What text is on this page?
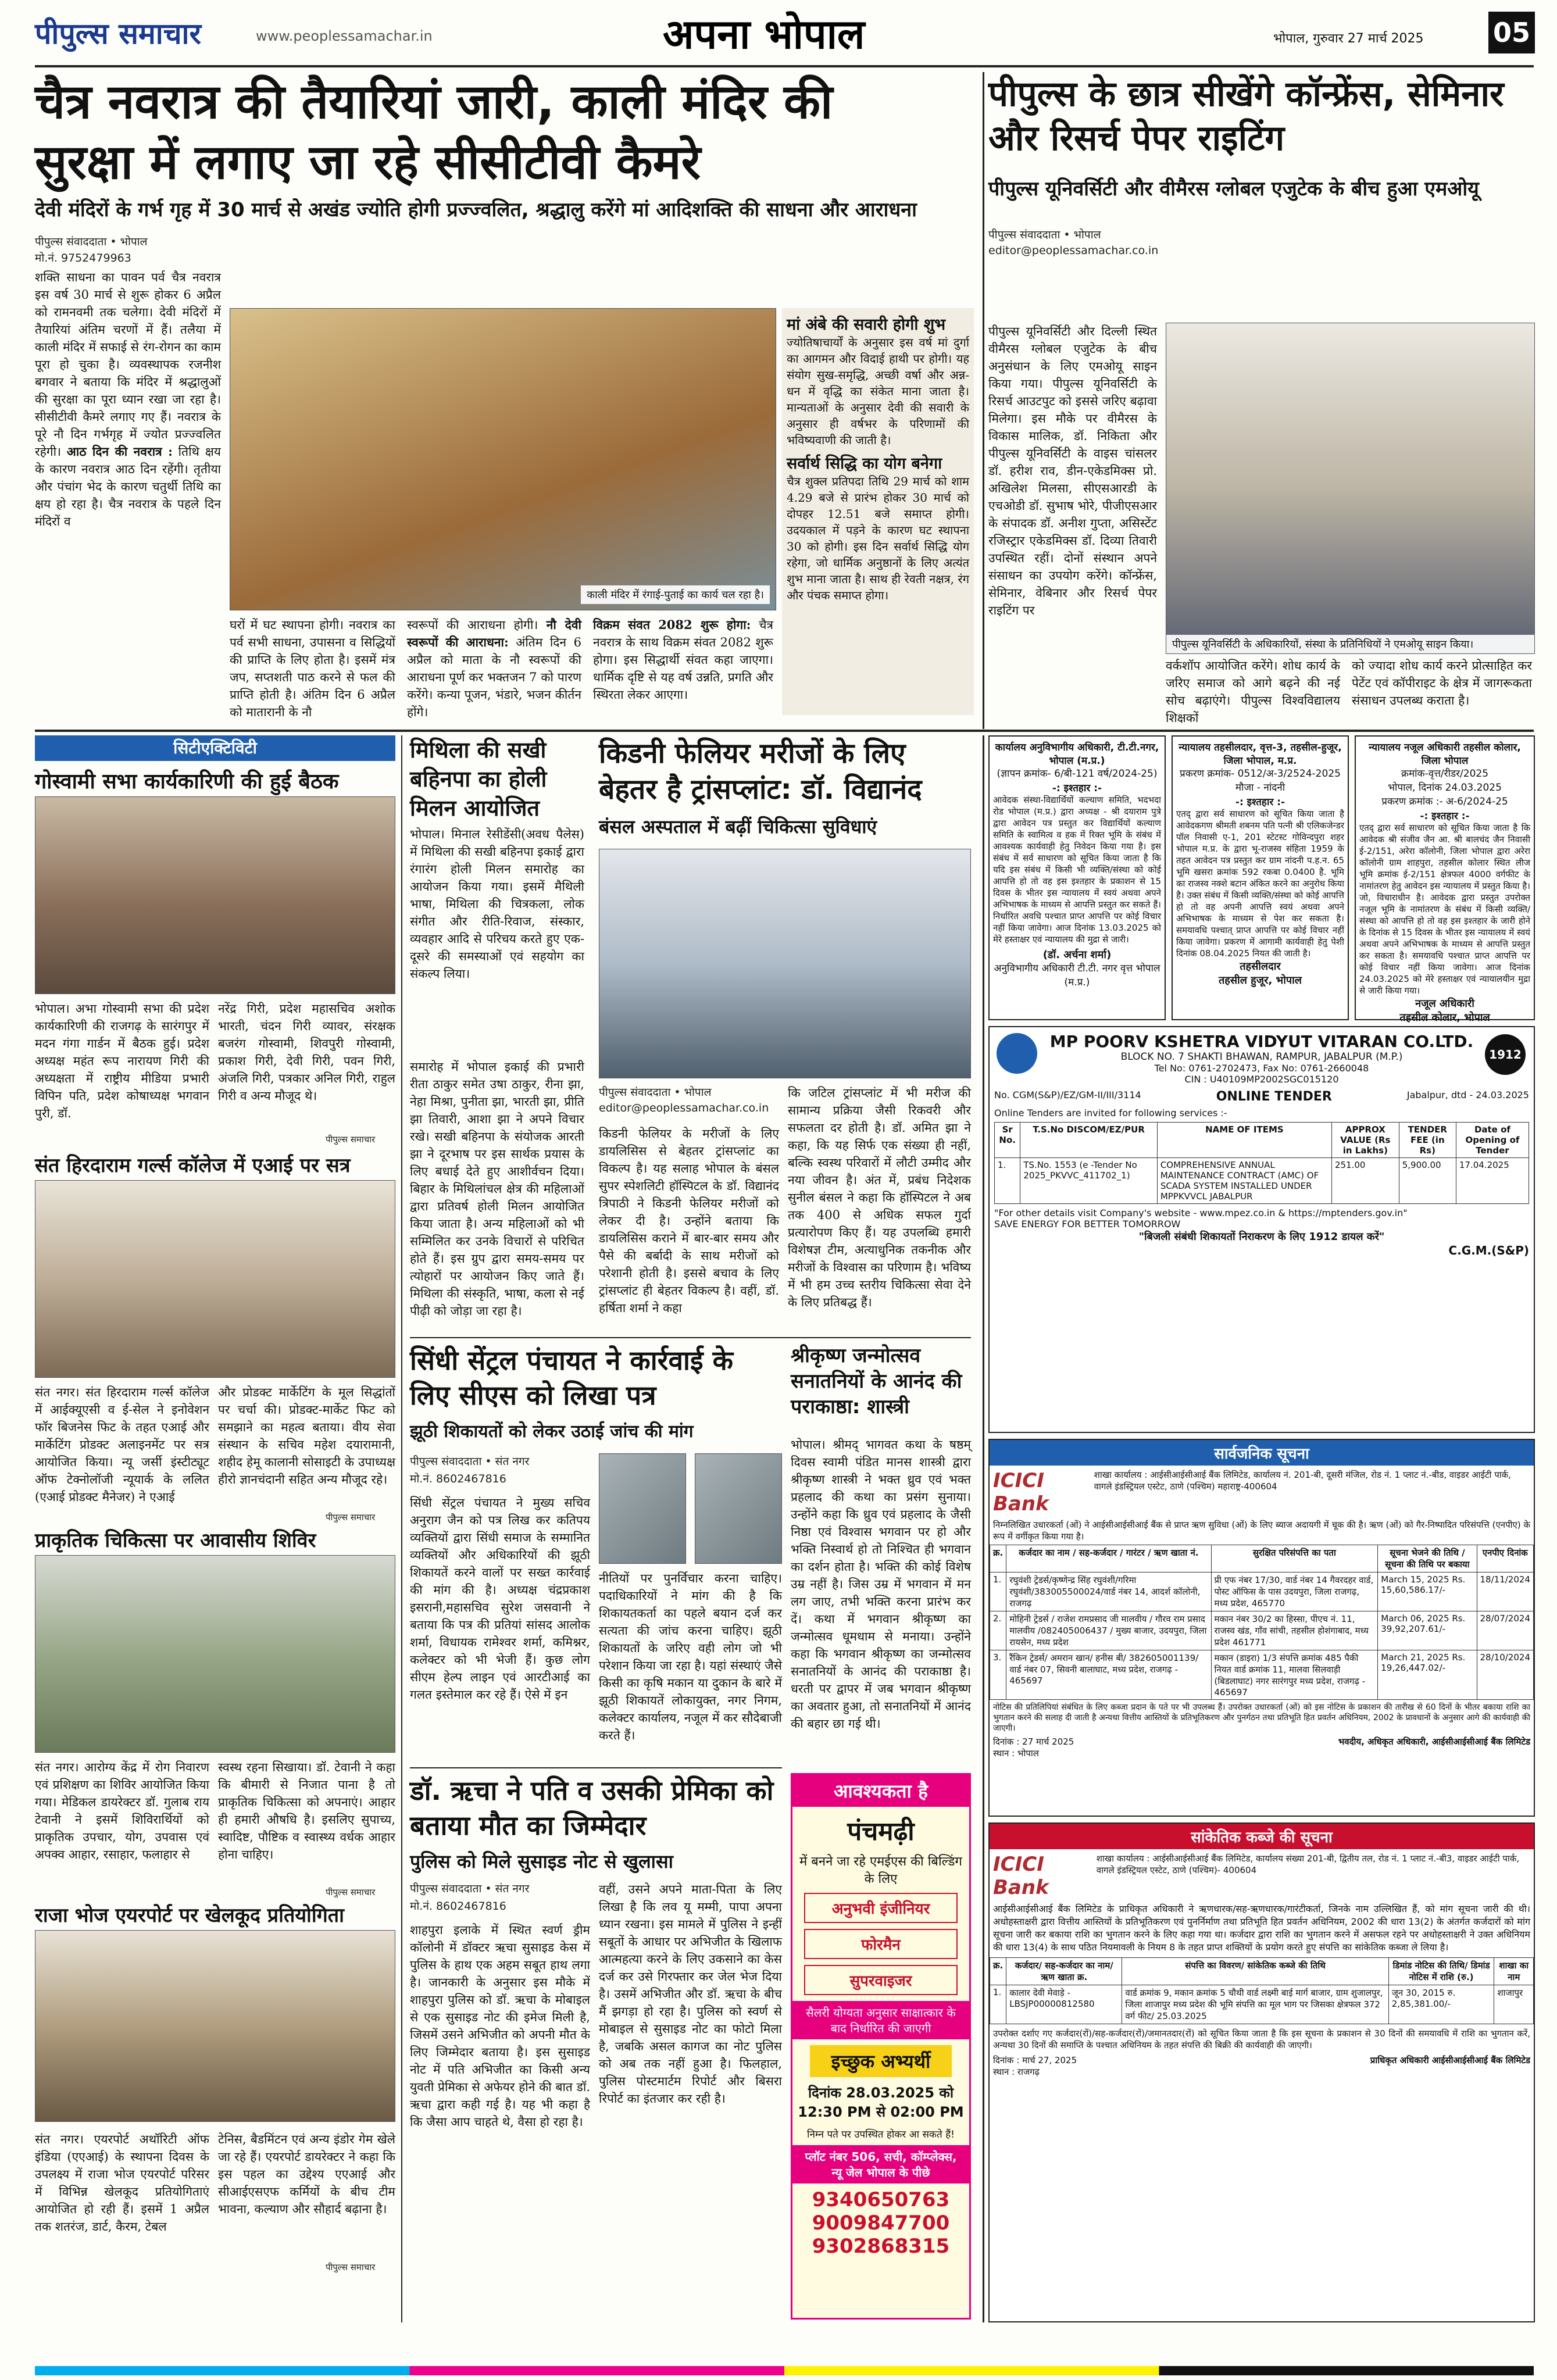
पीपुल्स समाचार	www.peoplessamachar.in	अपना भोपाल	भोपाल, गुरुवार 27 मार्च 2025	05
चैत्र नवरात्र की तैयारियां जारी, काली मंदिर की सुरक्षा में लगाए जा रहे सीसीटीवी कैमरे
देवी मंदिरों के गर्भ गृह में 30 मार्च से अखंड ज्योति होगी प्रज्ज्वलित, श्रद्धालु करेंगे मां आदिशक्ति की साधना और आराधना
पीपुल्स संवाददाता • भोपाल
मो.नं. 9752479963
शक्ति साधना का पावन पर्व चैत्र नवरात्र इस वर्ष 30 मार्च से शुरू होकर 6 अप्रैल को रामनवमी तक चलेगा। देवी मंदिरों में तैयारियां अंतिम चरणों में हैं। तलैया में काली मंदिर में सफाई से रंग-रोगन का काम पूरा हो चुका है। व्यवस्थापक रजनीश बगवार ने बताया कि मंदिर में श्रद्धालुओं की सुरक्षा का पूरा ध्यान रखा जा रहा है। सीसीटीवी कैमरे लगाए गए हैं। नवरात्र के पूरे नौ दिन गर्भगृह में ज्योत प्रज्ज्वलित रहेगी। आठ दिन की नवरात्र : तिथि क्षय के कारण नवरात्र आठ दिन रहेंगी। तृतीया और पंचांग भेद के कारण चतुर्थी तिथि का क्षय हो रहा है। चैत्र नवरात्र के पहले दिन मंदिरों व
काली मंदिर में रंगाई-पुताई का कार्य चल रहा है।
घरों में घट स्थापना होगी। नवरात्र का पर्व सभी साधना, उपासना व सिद्धियों की प्राप्ति के लिए होता है। इसमें मंत्र जप, सप्तशती पाठ करने से फल की प्राप्ति होती है। अंतिम दिन 6 अप्रैल को मातारानी के नौ
स्वरूपों की आराधना होगी। नौ देवी स्वरूपों की आराधना: अंतिम दिन 6 अप्रैल को माता के नौ स्वरूपों की आराधना पूर्ण कर भक्तजन 7 को पारण करेंगे। कन्या पूजन, भंडारे, भजन कीर्तन होंगे।
विक्रम संवत 2082 शुरू होगा: चैत्र नवरात्र के साथ विक्रम संवत 2082 शुरू होगा। इस सिद्धार्थी संवत कहा जाएगा। धार्मिक दृष्टि से यह वर्ष उन्नति, प्रगति और स्थिरता लेकर आएगा।
मां अंबे की सवारी होगी शुभ
ज्योतिषाचार्यों के अनुसार इस वर्ष मां दुर्गा का आगमन और विदाई हाथी पर होगी। यह संयोग सुख-समृद्धि, अच्छी वर्षा और अन्न-धन में वृद्धि का संकेत माना जाता है। मान्यताओं के अनुसार देवी की सवारी के अनुसार ही वर्षभर के परिणामों की भविष्यवाणी की जाती है।
सर्वार्थ सिद्धि का योग बनेगा
चैत्र शुक्ल प्रतिपदा तिथि 29 मार्च को शाम 4.29 बजे से प्रारंभ होकर 30 मार्च को दोपहर 12.51 बजे समाप्त होगी। उदयकाल में पड़ने के कारण घट स्थापना 30 को होगी। इस दिन सर्वार्थ सिद्धि योग रहेगा, जो धार्मिक अनुष्ठानों के लिए अत्यंत शुभ माना जाता है। साथ ही रेवती नक्षत्र, रंग और पंचक समाप्त होगा।
पीपुल्स के छात्र सीखेंगे कॉन्फ्रेंस, सेमिनार और रिसर्च पेपर राइटिंग
पीपुल्स यूनिवर्सिटी और वीमैरस ग्लोबल एजुटेक के बीच हुआ एमओयू
पीपुल्स संवाददाता • भोपाल
editor@peoplessamachar.co.in
पीपुल्स यूनिवर्सिटी और दिल्ली स्थित वीमैरस ग्लोबल एजुटेक के बीच अनुसंधान के लिए एमओयू साइन किया गया। पीपुल्स यूनिवर्सिटी के रिसर्च आउटपुट को इससे जरिए बढ़ावा मिलेगा। इस मौके पर वीमैरस के विकास मालिक, डॉ. निकिता और पीपुल्स यूनिवर्सिटी के वाइस चांसलर डॉ. हरीश राव, डीन-एकेडमिक्स प्रो. अखिलेश मिलसा, सीएसआरडी के एचओडी डॉ. सुभाष भोरे, पीजीएसआर के संपादक डॉ. अनीश गुप्ता, असिस्टेंट रजिस्ट्रार एकेडमिक्स डॉ. दिव्या तिवारी उपस्थित रहीं। दोनों संस्थान अपने संसाधन का उपयोग करेंगे। कॉन्फ्रेंस, सेमिनार, वेबिनार और रिसर्च पेपर राइटिंग पर
पीपुल्स यूनिवर्सिटी के अधिकारियों, संस्था के प्रतिनिधियों ने एमओयू साइन किया।
वर्कशॉप आयोजित करेंगे। शोध कार्य के जरिए समाज को आगे बढ़ने की नई सोच बढ़ाएंगे। पीपुल्स विश्वविद्यालय शिक्षकों
को ज्यादा शोध कार्य करने प्रोत्साहित कर पेटेंट एवं कॉपीराइट के क्षेत्र में जागरूकता संसाधन उपलब्ध कराता है।
सिटीएक्टिविटी
गोस्वामी सभा कार्यकारिणी की हुई बैठक
भोपाल। अभा गोस्वामी सभा की प्रदेश कार्यकारिणी की राजगढ़ के सारंगपुर में मदन गंगा गार्डन में बैठक हुई। प्रदेश अध्यक्ष महंत रूप नारायण गिरी की अध्यक्षता में राष्ट्रीय मीडिया प्रभारी विपिन पति, प्रदेश कोषाध्यक्ष भगवान पुरी, डॉ.
नरेंद्र गिरी, प्रदेश महासचिव अशोक भारती, चंदन गिरी व्यावर, संरक्षक बजरंग गोस्वामी, शिवपुरी गोस्वामी, प्रकाश गिरी, देवी गिरी, पवन गिरी, अंजलि गिरी, पत्रकार अनिल गिरी, राहुल गिरी व अन्य मौजूद थे।
पीपुल्स समाचार
संत हिरदाराम गर्ल्स कॉलेज में एआई पर सत्र
संत नगर। संत हिरदाराम गर्ल्स कॉलेज में आईक्यूएसी व ई-सेल ने इनोवेशन फॉर बिजनेस फिट के तहत एआई और मार्केटिंग प्रोडक्ट अलाइनमेंट पर सत्र आयोजित किया। न्यू जर्सी इंस्टीट्यूट ऑफ टेक्नोलॉजी न्यूयार्क के ललित (एआई प्रोडक्ट मैनेजर) ने एआई
और प्रोडक्ट मार्केटिंग के मूल सिद्धांतों पर चर्चा की। प्रोडक्ट-मार्केट फिट को समझाने का महत्व बताया। वीय सेवा संस्थान के सचिव महेश दयारामानी, शहीद हेमू कालानी सोसाइटी के उपाध्यक्ष हीरो ज्ञानचंदानी सहित अन्य मौजूद रहे।
पीपुल्स समाचार
प्राकृतिक चिकित्सा पर आवासीय शिविर
संत नगर। आरोग्य केंद्र में रोग निवारण एवं प्रशिक्षण का शिविर आयोजित किया गया। मेडिकल डायरेक्टर डॉ. गुलाब राय टेवानी ने इसमें शिविरार्थियों को प्राकृतिक उपचार, योग, उपवास एवं अपक्व आहार, रसाहार, फलाहार से
स्वस्थ रहना सिखाया। डॉ. टेवानी ने कहा कि बीमारी से निजात पाना है तो प्राकृतिक चिकित्सा को अपनाएं। आहार ही हमारी औषधि है। इसलिए सुपाच्य, स्वादिष्ट, पौष्टिक व स्वास्थ्य वर्धक आहार होना चाहिए।
पीपुल्स समाचार
राजा भोज एयरपोर्ट पर खेलकूद प्रतियोगिता
संत नगर। एयरपोर्ट अथॉरिटी ऑफ इंडिया (एएआई) के स्थापना दिवस के उपलक्ष्य में राजा भोज एयरपोर्ट परिसर में विभिन्न खेलकूद प्रतियोगिताएं आयोजित हो रही हैं। इसमें 1 अप्रैल तक शतरंज, डार्ट, कैरम, टेबल
टेनिस, बैडमिंटन एवं अन्य इंडोर गेम खेले जा रहे हैं। एयरपोर्ट डायरेक्टर ने कहा कि इस पहल का उद्देश्य एएआई और सीआईएसएफ कर्मियों के बीच टीम भावना, कल्याण और सौहार्द बढ़ाना है।
पीपुल्स समाचार
मिथिला की सखी बहिनपा का होली मिलन आयोजित
भोपाल। मिनाल रेसीडेंसी(अवध पैलेस) में मिथिला की सखी बहिनपा इकाई द्वारा रंगारंग होली मिलन समारोह का आयोजन किया गया। इसमें मैथिली भाषा, मिथिला की चित्रकला, लोक संगीत और रीति-रिवाज, संस्कार, व्यवहार आदि से परिचय करते हुए एक-दूसरे की समस्याओं एवं सहयोग का संकल्प लिया।
समारोह में भोपाल इकाई की प्रभारी रीता ठाकुर समेत उषा ठाकुर, रीना झा, नेहा मिश्रा, पुनीता झा, भारती झा, प्रीति झा तिवारी, आशा झा ने अपने विचार रखे। सखी बहिनपा के संयोजक आरती झा ने दूरभाष पर इस सार्थक प्रयास के लिए बधाई देते हुए आशीर्वचन दिया। बिहार के मिथिलांचल क्षेत्र की महिलाओं द्वारा प्रतिवर्ष होली मिलन आयोजित किया जाता है। अन्य महिलाओं को भी सम्मिलित कर उनके विचारों से परिचित होते हैं। इस ग्रुप द्वारा समय-समय पर त्योहारों पर आयोजन किए जाते हैं। मिथिला की संस्कृति, भाषा, कला से नई पीढ़ी को जोड़ा जा रहा है।
किडनी फेलियर मरीजों के लिए बेहतर है ट्रांसप्लांट: डॉ. विद्यानंद
बंसल अस्पताल में बढ़ीं चिकित्सा सुविधाएं
पीपुल्स संवाददाता • भोपाल
editor@peoplessamachar.co.in
किडनी फेलियर के मरीजों के लिए डायलिसिस से बेहतर ट्रांसप्लांट का विकल्प है। यह सलाह भोपाल के बंसल सुपर स्पेशलिटी हॉस्पिटल के डॉ. विद्यानंद त्रिपाठी ने किडनी फेलियर मरीजों को लेकर दी है। उन्होंने बताया कि डायलिसिस कराने में बार-बार समय और पैसे की बर्बादी के साथ मरीजों को परेशानी होती है। इससे बचाव के लिए ट्रांसप्लांट ही बेहतर विकल्प है। वहीं, डॉ. हर्षिता शर्मा ने कहा
कि जटिल ट्रांसप्लांट में भी मरीज की सामान्य प्रक्रिया जैसी रिकवरी और सफलता दर होती है। डॉ. अमित झा ने कहा, कि यह सिर्फ एक संख्या ही नहीं, बल्कि स्वस्थ परिवारों में लौटी उम्मीद और नया जीवन है। अंत में, प्रबंध निदेशक सुनील बंसल ने कहा कि हॉस्पिटल ने अब तक 400 से अधिक सफल गुर्दा प्रत्यारोपण किए हैं। यह उपलब्धि हमारी विशेषज्ञ टीम, अत्याधुनिक तकनीक और मरीजों के विश्वास का परिणाम है। भविष्य में भी हम उच्च स्तरीय चिकित्सा सेवा देने के लिए प्रतिबद्ध हैं।
सिंधी सेंट्रल पंचायत ने कार्रवाई के लिए सीएस को लिखा पत्र
झूठी शिकायतों को लेकर उठाई जांच की मांग
पीपुल्स संवाददाता • संत नगर
मो.नं. 8602467816
सिंधी सेंट्रल पंचायत ने मुख्य सचिव अनुराग जैन को पत्र लिख कर कतिपय व्यक्तियों द्वारा सिंधी समाज के सम्मानित व्यक्तियों और अधिकारियों की झूठी शिकायतें करने वालों पर सख्त कार्रवाई की मांग की है। अध्यक्ष चंद्रप्रकाश इसरानी,महासचिव सुरेश जसवानी ने बताया कि पत्र की प्रतियां सांसद आलोक शर्मा, विधायक रामेश्वर शर्मा, कमिश्नर, कलेक्टर को भी भेजी हैं। कुछ लोग सीएम हेल्प लाइन एवं आरटीआई का गलत इस्तेमाल कर रहे हैं। ऐसे में इन
नीतियों पर पुनर्विचार करना चाहिए। पदाधिकारियों ने मांग की है कि शिकायतकर्ता का पहले बयान दर्ज कर सत्यता की जांच करना चाहिए। झूठी शिकायतों के जरिए वही लोग जो भी परेशान किया जा रहा है। यहां संस्थाएं जैसे किसी का कृषि मकान या दुकान के बारे में झूठी शिकायतें लोकायुक्त, नगर निगम, कलेक्टर कार्यालय, नजूल में कर सौदेबाजी करते हैं।
श्रीकृष्ण जन्मोत्सव सनातनियों के आनंद की पराकाष्ठा: शास्त्री
भोपाल। श्रीमद् भागवत कथा के षष्ठम् दिवस स्वामी पंडित मानस शास्त्री द्वारा श्रीकृष्ण शास्त्री ने भक्त ध्रुव एवं भक्त प्रहलाद की कथा का प्रसंग सुनाया। उन्होंने कहा कि ध्रुव एवं प्रहलाद के जैसी निष्ठा एवं विश्वास भगवान पर हो और भक्ति निस्वार्थ हो तो निश्चित ही भगवान का दर्शन होता है। भक्ति की कोई विशेष उम्र नहीं है। जिस उम्र में भगवान में मन लग जाए, तभी भक्ति करना प्रारंभ कर दें। कथा में भगवान श्रीकृष्ण का जन्मोत्सव धूमधाम से मनाया। उन्होंने कहा कि भगवान श्रीकृष्ण का जन्मोत्सव सनातनियों के आनंद की पराकाष्ठा है। धरती पर द्वापर में जब भगवान श्रीकृष्ण का अवतार हुआ, तो सनातनियों में आनंद की बहार छा गई थी।
डॉ. ऋचा ने पति व उसकी प्रेमिका को बताया मौत का जिम्मेदार
पुलिस को मिले सुसाइड नोट से खुलासा
पीपुल्स संवाददाता • संत नगर
मो.नं. 8602467816
शाहपुरा इलाके में स्थित स्वर्ण ड्रीम कॉलोनी में डॉक्टर ऋचा सुसाइड केस में पुलिस के हाथ एक अहम सबूत हाथ लगा है। जानकारी के अनुसार इस मौके में शाहपुरा पुलिस को डॉ. ऋचा के मोबाइल से एक सुसाइड नोट की इमेज मिली है, जिसमें उसने अभिजीत को अपनी मौत के लिए जिम्मेदार बताया है। इस सुसाइड नोट में पति अभिजीत का किसी अन्य युवती प्रेमिका से अफेयर होने की बात डॉ. ऋचा द्वारा कही गई है। यह भी कहा है कि जैसा आप चाहते थे, वैसा हो रहा है।
वहीं, उसने अपने माता-पिता के लिए लिखा है कि लव यू मम्मी, पापा अपना ध्यान रखना। इस मामले में पुलिस ने इन्हीं सबूतों के आधार पर अभिजीत के खिलाफ आत्महत्या करने के लिए उकसाने का केस दर्ज कर उसे गिरफ्तार कर जेल भेज दिया है। उसमें अभिजीत और डॉ. ऋचा के बीच मैं झगड़ा हो रहा है। पुलिस को स्वर्ण से मोबाइल से सुसाइड नोट का फोटो मिला है, जबकि असल कागज का नोट पुलिस को अब तक नहीं हुआ है। फिलहाल, पुलिस पोस्टमार्टम रिपोर्ट और बिसरा रिपोर्ट का इंतजार कर रही है।
आवश्यकता है
पंचमढ़ी
में बनने जा रहे एमईएस की बिल्डिंग के लिए
अनुभवी इंजीनियर
फोरमैन
सुपरवाइजर
सैलरी योग्यता अनुसार साक्षात्कार के बाद निर्धारित की जाएगी
इच्छुक अभ्यर्थी
दिनांक 28.03.2025 को
12:30 PM से 02:00 PM
निम्न पते पर उपस्थित होकर आ सकते हैं!
प्लॉट नंबर 506, सची, कॉम्प्लेक्स, न्यू जेल भोपाल के पीछे
9340650763
9009847700
9302868315
कार्यालय अनुविभागीय अधिकारी, टी.टी.नगर, भोपाल (म.प्र.)
(ज्ञापन क्रमांक- 6/बी-121 वर्ष/2024-25)
-: इश्तहार :-
आवेदक संस्था-विद्यार्थियों कल्याण समिति, भदभदा रोड भोपाल (म.प्र.) द्वारा अध्यक्ष - श्री दयाराम पुत्रे द्वारा आवेदन पत्र प्रस्तुत कर विद्यार्थियों कल्याण समिति के स्वामित्व व हक में रिक्त भूमि के संबंध में आवश्यक कार्यवाही हेतु निवेदन किया गया है। इस संबंध में सर्व साधारण को सूचित किया जाता है कि यदि इस संबंध में किसी भी व्यक्ति/संस्था को कोई आपत्ति हो तो वह इस इश्तहार के प्रकाशन से 15 दिवस के भीतर इस न्यायालय में स्वयं अथवा अपने अभिभाषक के माध्यम से आपत्ति प्रस्तुत कर सकते हैं। निर्धारित अवधि पश्चात प्राप्त आपत्ति पर कोई विचार नहीं किया जावेगा। आज दिनांक 13.03.2025 को मेरे हस्ताक्षर एवं न्यायालय की मुद्रा से जारी।
(डॉ. अर्चना शर्मा)
अनुविभागीय अधिकारी टी.टी. नगर वृत्त भोपाल (म.प्र.)
न्यायालय तहसीलदार, वृत्त-3, तहसील-हुजूर, जिला भोपाल, म.प्र.
प्रकरण क्रमांक- 0512/अ-3/2524-2025
मौजा - नांदनी
-: इश्तहार :-
एतद् द्वारा सर्व साधारण को सूचित किया जाता है आवेदकगण श्रीमती शबनम पति पत्नी श्री एलिकजेन्डर पॉल निवासी ए-1, 201 स्टेटस्ट गोविन्दपुरा शहर भोपाल म.प्र. के द्वारा भू-राजस्व संहिता 1959 के तहत आवेदन पत्र प्रस्तुत कर ग्राम नांदनी प.ह.न. 65 भूमि खसरा क्रमांक 592 रकबा 0.0400 है. भूमि का राजस्व नक्शे बटान अंकित करने का अनुरोध किया है। उक्त संबंध में किसी व्यक्ति/संस्था को कोई आपत्ति हो तो वह अपनी आपत्ति स्वयं अथवा अपने अभिभाषक के माध्यम से पेश कर सकता है। समयावधि पश्चात् प्राप्त आपत्ति पर कोई विचार नहीं किया जावेगा। प्रकरण में आगामी कार्यवाही हेतु पेशी दिनांक 08.04.2025 नियत की जाती है।
तहसीलदार
तहसील हुजूर, भोपाल
न्यायालय नजूल अधिकारी तहसील कोलार, जिला भोपाल
क्रमांक-वृत्त/रीडर/2025
भोपाल, दिनांक 24.03.2025
प्रकरण क्रमांक :- अ-6/2024-25
-: इश्तहार :-
एतद् द्वारा सर्व साधारण को सूचित किया जाता है कि आवेदक श्री संजीव जैन आ. श्री बालचंद जैन निवासी ई-2/151, अरेरा कॉलोनी, जिला भोपाल द्वारा अरेरा कॉलोनी ग्राम शाहपुरा, तहसील कोलार स्थित लीज भूमि क्रमांक ई-2/151 क्षेत्रफल 4000 वर्गफीट के नामांतरण हेतु आवेदन इस न्यायालय में प्रस्तुत किया है। जो, विचाराधीन है। आवेदक द्वारा प्रस्तुत उपरोक्त नजूल भूमि के नामांतरण के संबंध में किसी व्यक्ति/संस्था को आपत्ति हो तो वह इस इश्तहार के जारी होने के दिनांक से 15 दिवस के भीतर इस न्यायालय में स्वयं अथवा अपने अभिभाषक के माध्यम से आपत्ति प्रस्तुत कर सकता है। समयावधि पश्चात प्राप्त आपत्ति पर कोई विचार नहीं किया जावेगा। आज दिनांक 24.03.2025 को मेरे हस्ताक्षर एवं न्यायालयीन मुद्रा से जारी किया गया।
नजूल अधिकारी
तहसील कोलार, भोपाल
MP POORV KSHETRA VIDYUT VITARAN CO.LTD.
BLOCK NO. 7 SHAKTI BHAWAN, RAMPUR, JABALPUR (M.P.)
Tel No: 0761-2702473, Fax No: 0761-2660048
CIN : U40109MP2002SGC015120
1912
No. CGM(S&P)/EZ/GM-II/III/3114	ONLINE TENDER	Jabalpur, dtd - 24.03.2025
Online Tenders are invited for following services :-
Sr No.	T.S.No DISCOM/EZ/PUR	NAME OF ITEMS	APPROX VALUE (Rs in Lakhs)	TENDER FEE (in Rs)	Date of Opening of Tender
1.	TS.No. 1553 (e -Tender No 2025_PKVVC_411702_1)	COMPREHENSIVE ANNUAL MAINTENANCE CONTRACT (AMC) OF SCADA SYSTEM INSTALLED UNDER MPPKVVCL JABALPUR	251.00	5,900.00	17.04.2025
"For other details visit Company's website - www.mpez.co.in & https://mptenders.gov.in"
SAVE ENERGY FOR BETTER TOMORROW
"बिजली संबंधी शिकायतों निराकरण के लिए 1912 डायल करें"
C.G.M.(S&P)
सार्वजनिक सूचना
ICICI Bank
शाखा कार्यालय : आईसीआईसीआई बैंक लिमिटेड, कार्यालय नं. 201-बी, दूसरी मंजिल, रोड नं. 1 प्लाट नं.-बीड, वाइडर आईटी पार्क, वागले इंडस्ट्रियल एस्टेट, ठाणे (पश्चिम) महाराष्ट्र-400604
निम्नलिखित उधारकर्ता (ओं) ने आईसीआईसीआई बैंक से प्राप्त ऋण सुविधा (ओं) के लिए ब्याज अदायगी में चूक की है। ऋण (ओं) को गैर-निष्पादित परिसंपत्ति (एनपीए) के रूप में वर्गीकृत किया गया है।
क्र.	कर्जदार का नाम / सह-कर्जदार / गारंटर / ऋण खाता नं.	सुरक्षित परिसंपत्ति का पता	सूचना भेजने की तिथि / सूचना की तिथि पर बकाया	एनपीए दिनांक
1.	रघुवंशी ट्रेडर्स/कृष्णेन्द्र सिंह रघुवंशी/गरिमा रघुवंशी/383005500024/वार्ड नंबर 14, आदर्श कॉलोनी, राजगढ़	प्री एफ नंबर 17/30, वार्ड नंबर 14 गैवरदहर वार्ड, पोस्ट ऑफिस के पास उदयपुरा, जिला राजगढ़, मध्य प्रदेश, 465770	March 15, 2025 Rs. 15,60,586.17/-	18/11/2024
2.	मोहिनी ट्रेडर्स / राजेश रामप्रसाद जी मालवीय / गौरव राम प्रसाद मालवीय /082405006437 / मुख्य बाजार, उदयपुरा, जिला रायसेन, मध्य प्रदेश	मकान नंबर 30/2 का हिस्सा, पीएच नं. 11, राजस्व खंड, गाँव सांची, तहसील होशंगाबाद, मध्य प्रदेश 461771	March 06, 2025 Rs. 39,92,207.61/-	28/07/2024
3.	रैंकिन ट्रेडर्स/ अमरान खान/ हनीस बी/ 382605001139/ वार्ड नंबर 07, सिवनी बालाघाट, मध्य प्रदेश, राजगढ़ - 465697	मकान (डाइरा) 1/3 संपत्ति क्रमांक 485 पैकी नियत वार्ड क्रमांक 11, मालवा सिलवाड़ी (बिडलाघाट) नगर सारंगपुर मध्य प्रदेश, राजगढ़ - 465697	March 21, 2025 Rs. 19,26,447.02/-	28/10/2024
नोटिस की प्रतिलिपियां संबंधित के लिए कब्जा प्रदान के पते पर भी उपलब्ध हैं। उपरोक्त उधारकर्ता (ओं) को इस नोटिस के प्रकाशन की तारीख से 60 दिनों के भीतर बकाया राशि का भुगतान करने की सलाह दी जाती है अन्यथा वित्तीय आस्तियों के प्रतिभूतिकरण और पुनर्गठन तथा प्रतिभूति हित प्रवर्तन अधिनियम, 2002 के प्रावधानों के अनुसार आगे की कार्यवाही की जाएगी।
दिनांक : 27 मार्च 2025
स्थान : भोपाल
भवदीय, अधिकृत अधिकारी, आईसीआईसीआई बैंक लिमिटेड
सांकेतिक कब्जे की सूचना
ICICI Bank
शाखा कार्यालय : आईसीआईसीआई बैंक लिमिटेड, कार्यालय संख्या 201-बी, द्वितीय तल, रोड नं. 1 प्लाट नं.-बी3, वाइडर आईटी पार्क, वागले इंडस्ट्रियल एस्टेट, ठाणे (पश्चिम)- 400604
आईसीआईसीआई बैंक लिमिटेड के प्राधिकृत अधिकारी ने ऋणधारक/सह-ऋणधारक/गारंटीकर्ता, जिनके नाम उल्लिखित हैं, को मांग सूचना जारी की थी। अधोहस्ताक्षरी द्वारा वित्तीय आस्तियों के प्रतिभूतिकरण एवं पुनर्निर्माण तथा प्रतिभूति हित प्रवर्तन अधिनियम, 2002 की धारा 13(2) के अंतर्गत कर्जदारों को मांग सूचना जारी कर बकाया राशि का भुगतान करने के लिए कहा गया था। कर्जदार द्वारा राशि का भुगतान करने में असफल रहने पर अधोहस्ताक्षरी ने उक्त अधिनियम की धारा 13(4) के साथ पठित नियमावली के नियम 8 के तहत प्राप्त शक्तियों के प्रयोग करते हुए संपत्ति का सांकेतिक कब्जा ले लिया है।
क्र.	कर्जदार/ सह-कर्जदार का नाम/ ऋण खाता क्र.	संपत्ति का विवरण/ सांकेतिक कब्जे की तिथि	डिमांड नोटिस की तिथि/ डिमांड नोटिस में राशि (रु.)	शाखा का नाम
1.	कालार देवी मेवाड़े - LBSJP00000812580	वार्ड क्रमांक 9, मकान क्रमांक 5 चौथी वार्ड लक्ष्मी बाई मार्ग बाजार, ग्राम शुजालपुर, जिला शाजापुर मध्य प्रदेश की भूमि संपत्ति का मूल भाग पर जिसका क्षेत्रफल 372 वर्ग फीट/ 25.03.2025	जून 30, 2015 रु. 2,85,381.00/-	शाजापुर
उपरोक्त दर्शाए गए कर्जदार(रों)/सह-कर्जदार(रों)/जमानतदार(रों) को सूचित किया जाता है कि इस सूचना के प्रकाशन से 30 दिनों की समयावधि में राशि का भुगतान करें, अन्यथा 30 दिनों की समाप्ति के पश्चात अधिनियम के तहत संपत्ति की बिक्री की कार्यवाही की जाएगी।
दिनांक : मार्च 27, 2025
स्थान : राजगढ़
प्राधिकृत अधिकारी आईसीआईसीआई बैंक लिमिटेड
